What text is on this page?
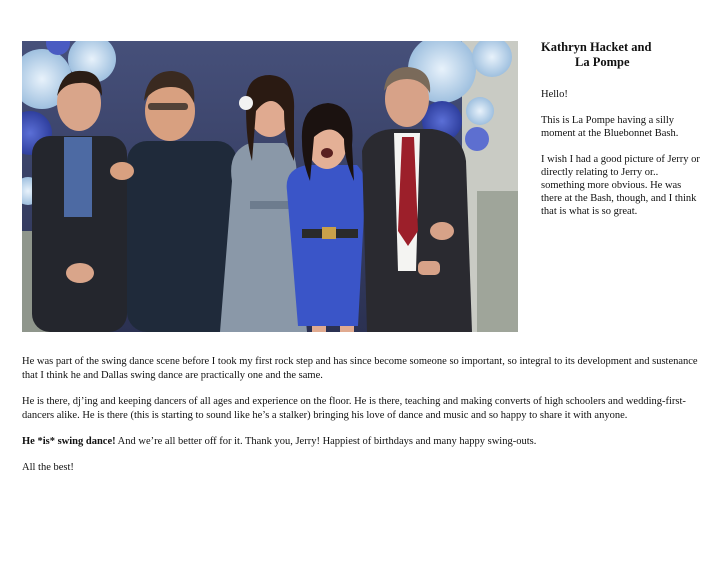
Kathryn Hacket and
La Pompe

Hello!

This is La Pompe having a silly moment at the Bluebonnet Bash.

I wish I had a good picture of Jerry or directly relating to Jerry or.. something more obvious. He was there at the Bash, though, and I think that is what is so great.

He was part of the swing dance scene before I took my first rock step and has since become someone so important, so integral to its development and sustenance that I think he and Dallas swing dance are practically one and the same.

He is there, dj’ing and keeping dancers of all ages and experience on the floor. He is there, teaching and making converts of high schoolers and wedding-first-dancers alike. He is there (this is starting to sound like he’s a stalker) bringing his love of dance and music and so happy to share it with anyone.

He *is* swing dance! And we’re all better off for it. Thank you, Jerry! Happiest of birthdays and many happy swing-outs.

All the best!
